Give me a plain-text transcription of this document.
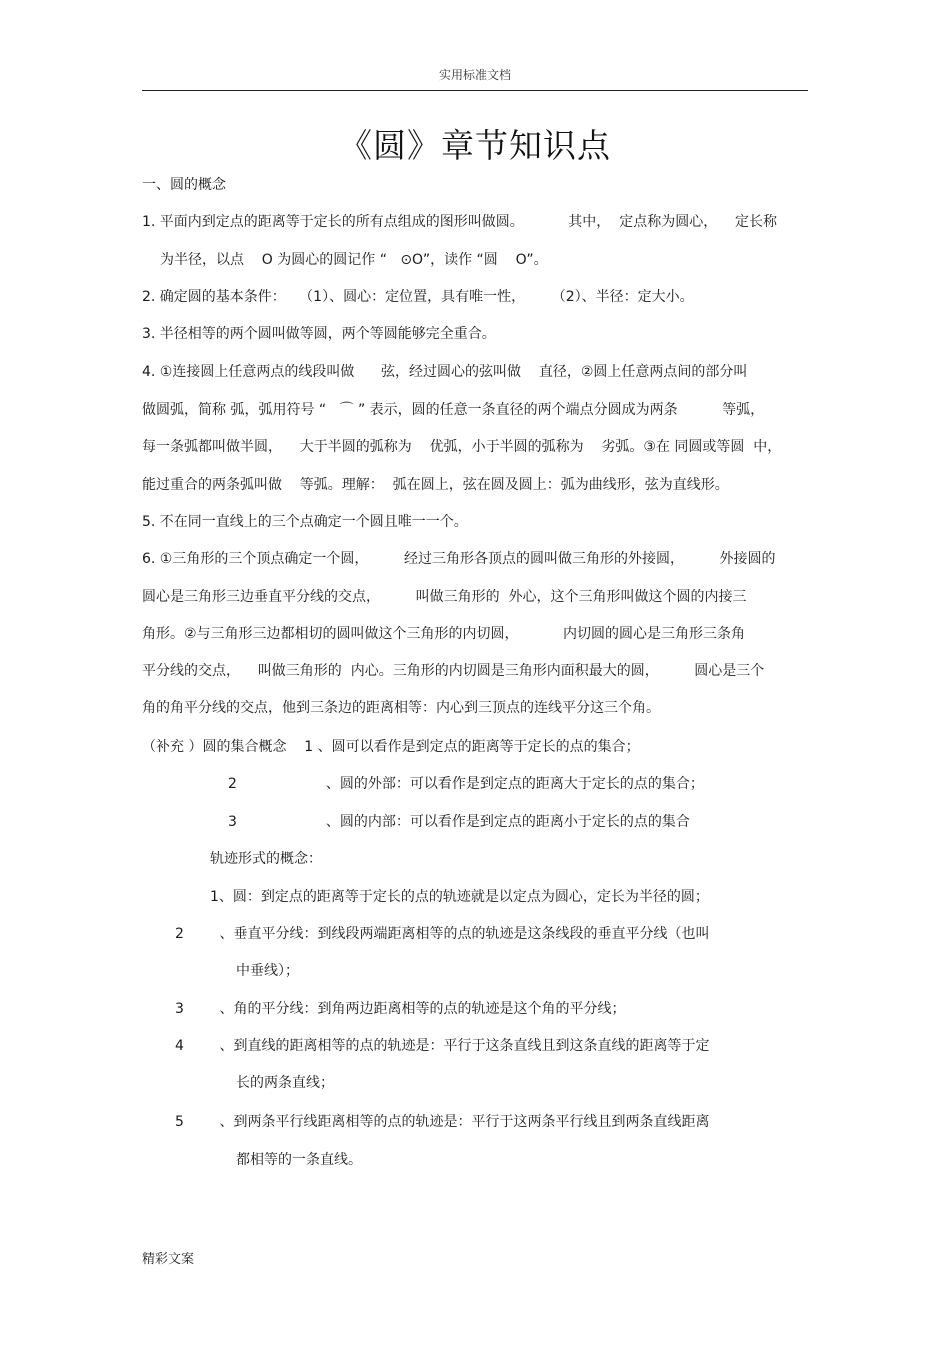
实用标准文档
《圆》章节知识点
一、圆的概念
1. 平面内到定点的距离等于定长的所有点组成的图形叫做圆。          其中，  定点称为圆心，    定长称
为半径，以点    O 为圆心的圆记作 “   ⊙O”，读作 “圆    O”。
2. 确定圆的基本条件：   （1）、圆心：定位置，具有唯一性，      （2）、半径：定大小。
3. 半径相等的两个圆叫做等圆，两个等圆能够完全重合。
4. ①连接圆上任意两点的线段叫做      弦，经过圆心的弦叫做    直径，②圆上任意两点间的部分叫
做圆弧，简称 弧，弧用符号 “   ⌒ ” 表示，圆的任意一条直径的两个端点分圆成为两条          等弧，
每一条弧都叫做半圆，    大于半圆的弧称为    优弧，小于半圆的弧称为    劣弧。③在 同圆或等圆  中，
能过重合的两条弧叫做    等弧。理解：  弧在圆上，弦在圆及圆上：弧为曲线形，弦为直线形。
5. 不在同一直线上的三个点确定一个圆且唯一一个。
6. ①三角形的三个顶点确定一个圆，        经过三角形各顶点的圆叫做三角形的外接圆，        外接圆的
圆心是三角形三边垂直平分线的交点，        叫做三角形的  外心，这个三角形叫做这个圆的内接三
角形。②与三角形三边都相切的圆叫做这个三角形的内切圆，          内切圆的圆心是三角形三条角
平分线的交点，    叫做三角形的  内心。三角形的内切圆是三角形内面积最大的圆，        圆心是三个
角的角平分线的交点，他到三条边的距离相等：内心到三顶点的连线平分这三个角。
（补充 ）圆的集合概念    1 、圆可以看作是到定点的距离等于定长的点的集合；
2                    、圆的外部：可以看作是到定点的距离大于定长的点的集合；
3                    、圆的内部：可以看作是到定点的距离小于定长的点的集合
轨迹形式的概念：
1、圆：到定点的距离等于定长的点的轨迹就是以定点为圆心，定长为半径的圆；
2        、垂直平分线：到线段两端距离相等的点的轨迹是这条线段的垂直平分线（也叫
中垂线）；
3        、角的平分线：到角两边距离相等的点的轨迹是这个角的平分线；
4        、到直线的距离相等的点的轨迹是：平行于这条直线且到这条直线的距离等于定
长的两条直线；
5        、到两条平行线距离相等的点的轨迹是：平行于这两条平行线且到两条直线距离
都相等的一条直线。
精彩文案
